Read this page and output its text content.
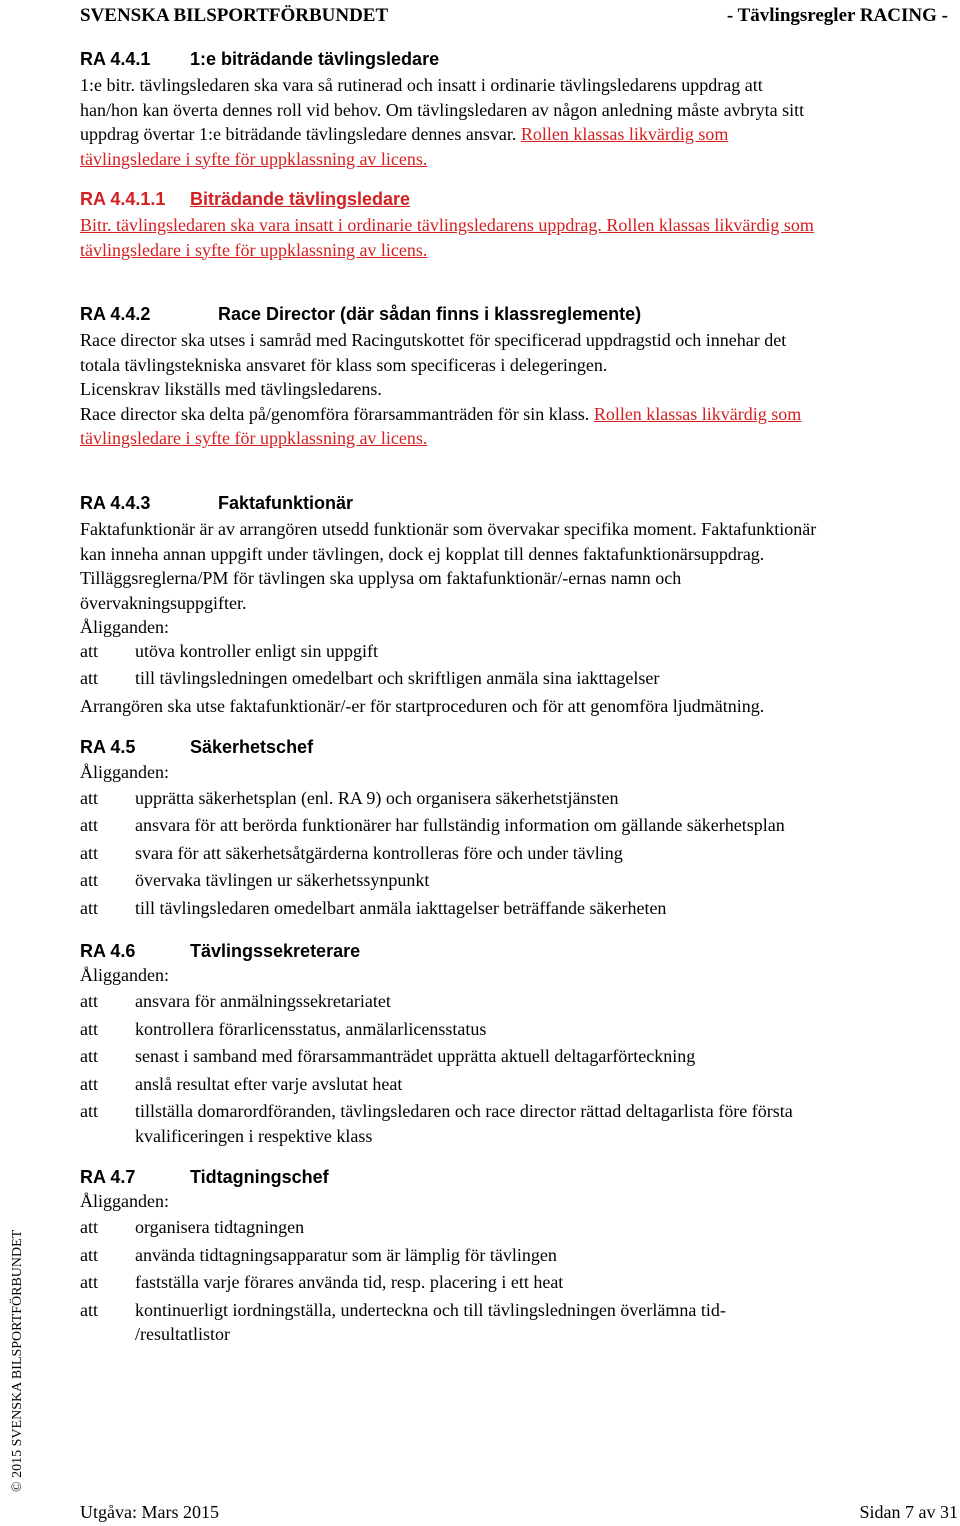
SVENSKA BILSPORTFÖRBUNDET	- Tävlingsregler RACING -
RA 4.4.1 1:e biträdande tävlingsledare
1:e bitr. tävlingsledaren ska vara så rutinerad och insatt i ordinarie tävlingsledarens uppdrag att
han/hon kan överta dennes roll vid behov. Om tävlingsledaren av någon anledning måste avbryta sitt
uppdrag övertar 1:e biträdande tävlingsledare dennes ansvar. Rollen klassas likvärdig som
tävlingsledare i syfte för uppklassning av licens.
RA 4.4.1.1 Biträdande tävlingsledare
Bitr. tävlingsledaren ska vara insatt i ordinarie tävlingsledarens uppdrag. Rollen klassas likvärdig som
tävlingsledare i syfte för uppklassning av licens.
RA 4.4.2	Race Director (där sådan finns i klassreglemente)
Race director ska utses i samråd med Racingutskottet för specificerad uppdragstid och innehar det
totala tävlingstekniska ansvaret för klass som specificeras i delegeringen.
Licenskrav likställs med tävlingsledarens.
Race director ska delta på/genomföra förarsammanträden för sin klass. Rollen klassas likvärdig som
tävlingsledare i syfte för uppklassning av licens.
RA 4.4.3	Faktafunktionär
Faktafunktionär är av arrangören utsedd funktionär som övervakar specifika moment. Faktafunktionär
kan inneha annan uppgift under tävlingen, dock ej kopplat till dennes faktafunktionärsuppdrag.
Tilläggsreglerna/PM för tävlingen ska upplysa om faktafunktionär/-ernas namn och
övervakningsuppgifter.
Åligganden:
att utöva kontroller enligt sin uppgift
att till tävlingsledningen omedelbart och skriftligen anmäla sina iakttagelser
Arrangören ska utse faktafunktionär/-er för startproceduren och för att genomföra ljudmätning.
RA 4.5	Säkerhetschef
Åligganden:
att upprätta säkerhetsplan (enl. RA 9) och organisera säkerhetstjänsten
att ansvara för att berörda funktionärer har fullständig information om gällande säkerhetsplan
att svara för att säkerhetsåtgärderna kontrolleras före och under tävling
att övervaka tävlingen ur säkerhetssynpunkt
att till tävlingsledaren omedelbart anmäla iakttagelser beträffande säkerheten
RA 4.6	Tävlingssekreterare
Åligganden:
att ansvara för anmälningssekretariatet
att kontrollera förarlicensstatus, anmälarlicensstatus
att senast i samband med förarsammanträdet upprätta aktuell deltagarförteckning
att anslå resultat efter varje avslutat heat
att tillställa domarordföranden, tävlingsledaren och race director rättad deltagarlista före första
kvalificeringen i respektive klass
RA 4.7	Tidtagningschef
Åligganden:
att organisera tidtagningen
att använda tidtagningsapparatur som är lämplig för tävlingen
att fastställa varje förares använda tid, resp. placering i ett heat
att kontinuerligt iordningställa, underteckna och till tävlingsledningen överlämna tid-
/resultatlistor
© 2015 SVENSKA BILSPORTFÖRBUNDET
Utgåva: Mars 2015	Sidan 7 av 31
